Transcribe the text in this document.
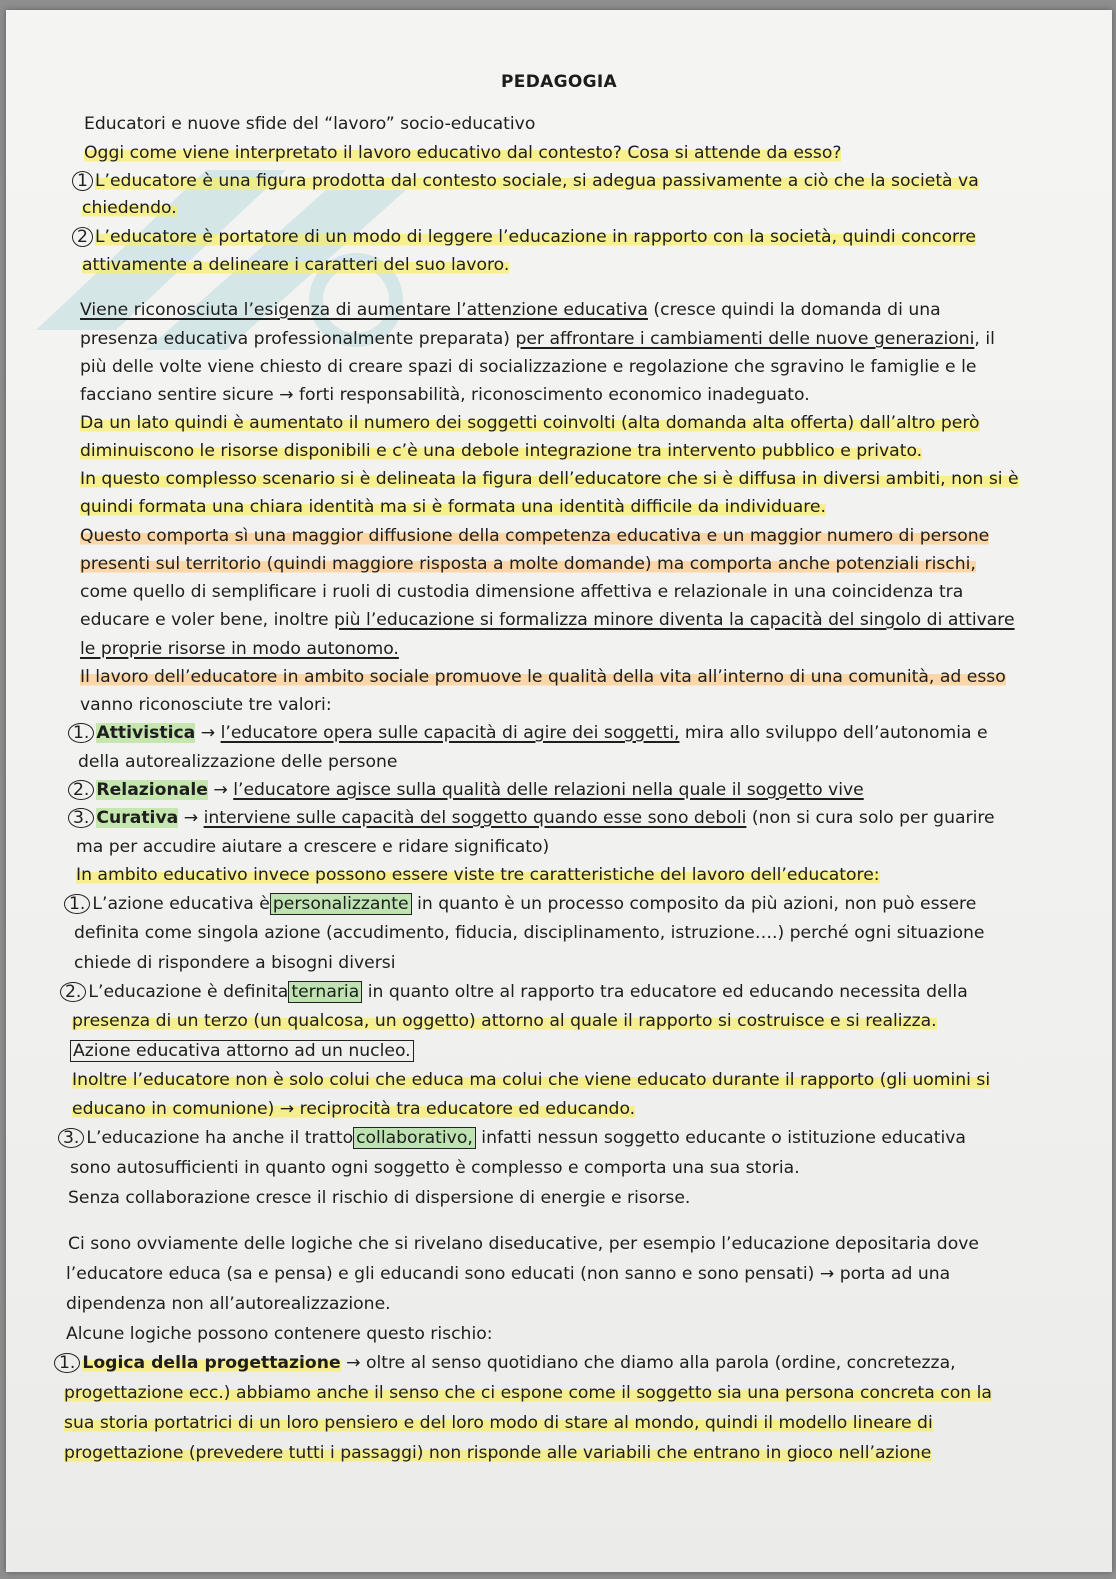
PEDAGOGIA
Educatori e nuove sfide del “lavoro” socio-educativo
Oggi come viene interpretato il lavoro educativo dal contesto? Cosa si attende da esso?
1 L’educatore è una figura prodotta dal contesto sociale, si adegua passivamente a ciò che la società va
chiedendo.
2 L’educatore è portatore di un modo di leggere l’educazione in rapporto con la società, quindi concorre
attivamente a delineare i caratteri del suo lavoro.
Viene riconosciuta l’esigenza di aumentare l’attenzione educativa (cresce quindi la domanda di una
presenza educativa professionalmente preparata) per affrontare i cambiamenti delle nuove generazioni, il
più delle volte viene chiesto di creare spazi di socializzazione e regolazione che sgravino le famiglie e le
facciano sentire sicure → forti responsabilità, riconoscimento economico inadeguato.
Da un lato quindi è aumentato il numero dei soggetti coinvolti (alta domanda alta offerta) dall’altro però
diminuiscono le risorse disponibili e c’è una debole integrazione tra intervento pubblico e privato.
In questo complesso scenario si è delineata la figura dell’educatore che si è diffusa in diversi ambiti, non si è
quindi formata una chiara identità ma si è formata una identità difficile da individuare.
Questo comporta sì una maggior diffusione della competenza educativa e un maggior numero di persone
presenti sul territorio (quindi maggiore risposta a molte domande) ma comporta anche potenziali rischi,
come quello di semplificare i ruoli di custodia dimensione affettiva e relazionale in una coincidenza tra
educare e voler bene, inoltre più l’educazione si formalizza minore diventa la capacità del singolo di attivare
le proprie risorse in modo autonomo.
Il lavoro dell’educatore in ambito sociale promuove le qualità della vita all’interno di una comunità, ad esso
vanno riconosciute tre valori:
1. Attivistica → l’educatore opera sulle capacità di agire dei soggetti, mira allo sviluppo dell’autonomia e
della autorealizzazione delle persone
2. Relazionale → l’educatore agisce sulla qualità delle relazioni nella quale il soggetto vive
3. Curativa → interviene sulle capacità del soggetto quando esse sono deboli (non si cura solo per guarire
ma per accudire aiutare a crescere e ridare significato)
In ambito educativo invece possono essere viste tre caratteristiche del lavoro dell’educatore:
1. L’azione educativa è personalizzante in quanto è un processo composito da più azioni, non può essere
definita come singola azione (accudimento, fiducia, disciplinamento, istruzione….) perché ogni situazione
chiede di rispondere a bisogni diversi
2. L’educazione è definita ternaria in quanto oltre al rapporto tra educatore ed educando necessita della
presenza di un terzo (un qualcosa, un oggetto) attorno al quale il rapporto si costruisce e si realizza.
Azione educativa attorno ad un nucleo.
Inoltre l’educatore non è solo colui che educa ma colui che viene educato durante il rapporto (gli uomini si
educano in comunione) → reciprocità tra educatore ed educando.
3. L’educazione ha anche il tratto collaborativo, infatti nessun soggetto educante o istituzione educativa
sono autosufficienti in quanto ogni soggetto è complesso e comporta una sua storia.
Senza collaborazione cresce il rischio di dispersione di energie e risorse.
Ci sono ovviamente delle logiche che si rivelano diseducative, per esempio l’educazione depositaria dove
l’educatore educa (sa e pensa) e gli educandi sono educati (non sanno e sono pensati) → porta ad una
dipendenza non all’autorealizzazione.
Alcune logiche possono contenere questo rischio:
1. Logica della progettazione → oltre al senso quotidiano che diamo alla parola (ordine, concretezza,
progettazione ecc.) abbiamo anche il senso che ci espone come il soggetto sia una persona concreta con la
sua storia portatrici di un loro pensiero e del loro modo di stare al mondo, quindi il modello lineare di
progettazione (prevedere tutti i passaggi) non risponde alle variabili che entrano in gioco nell’azione
